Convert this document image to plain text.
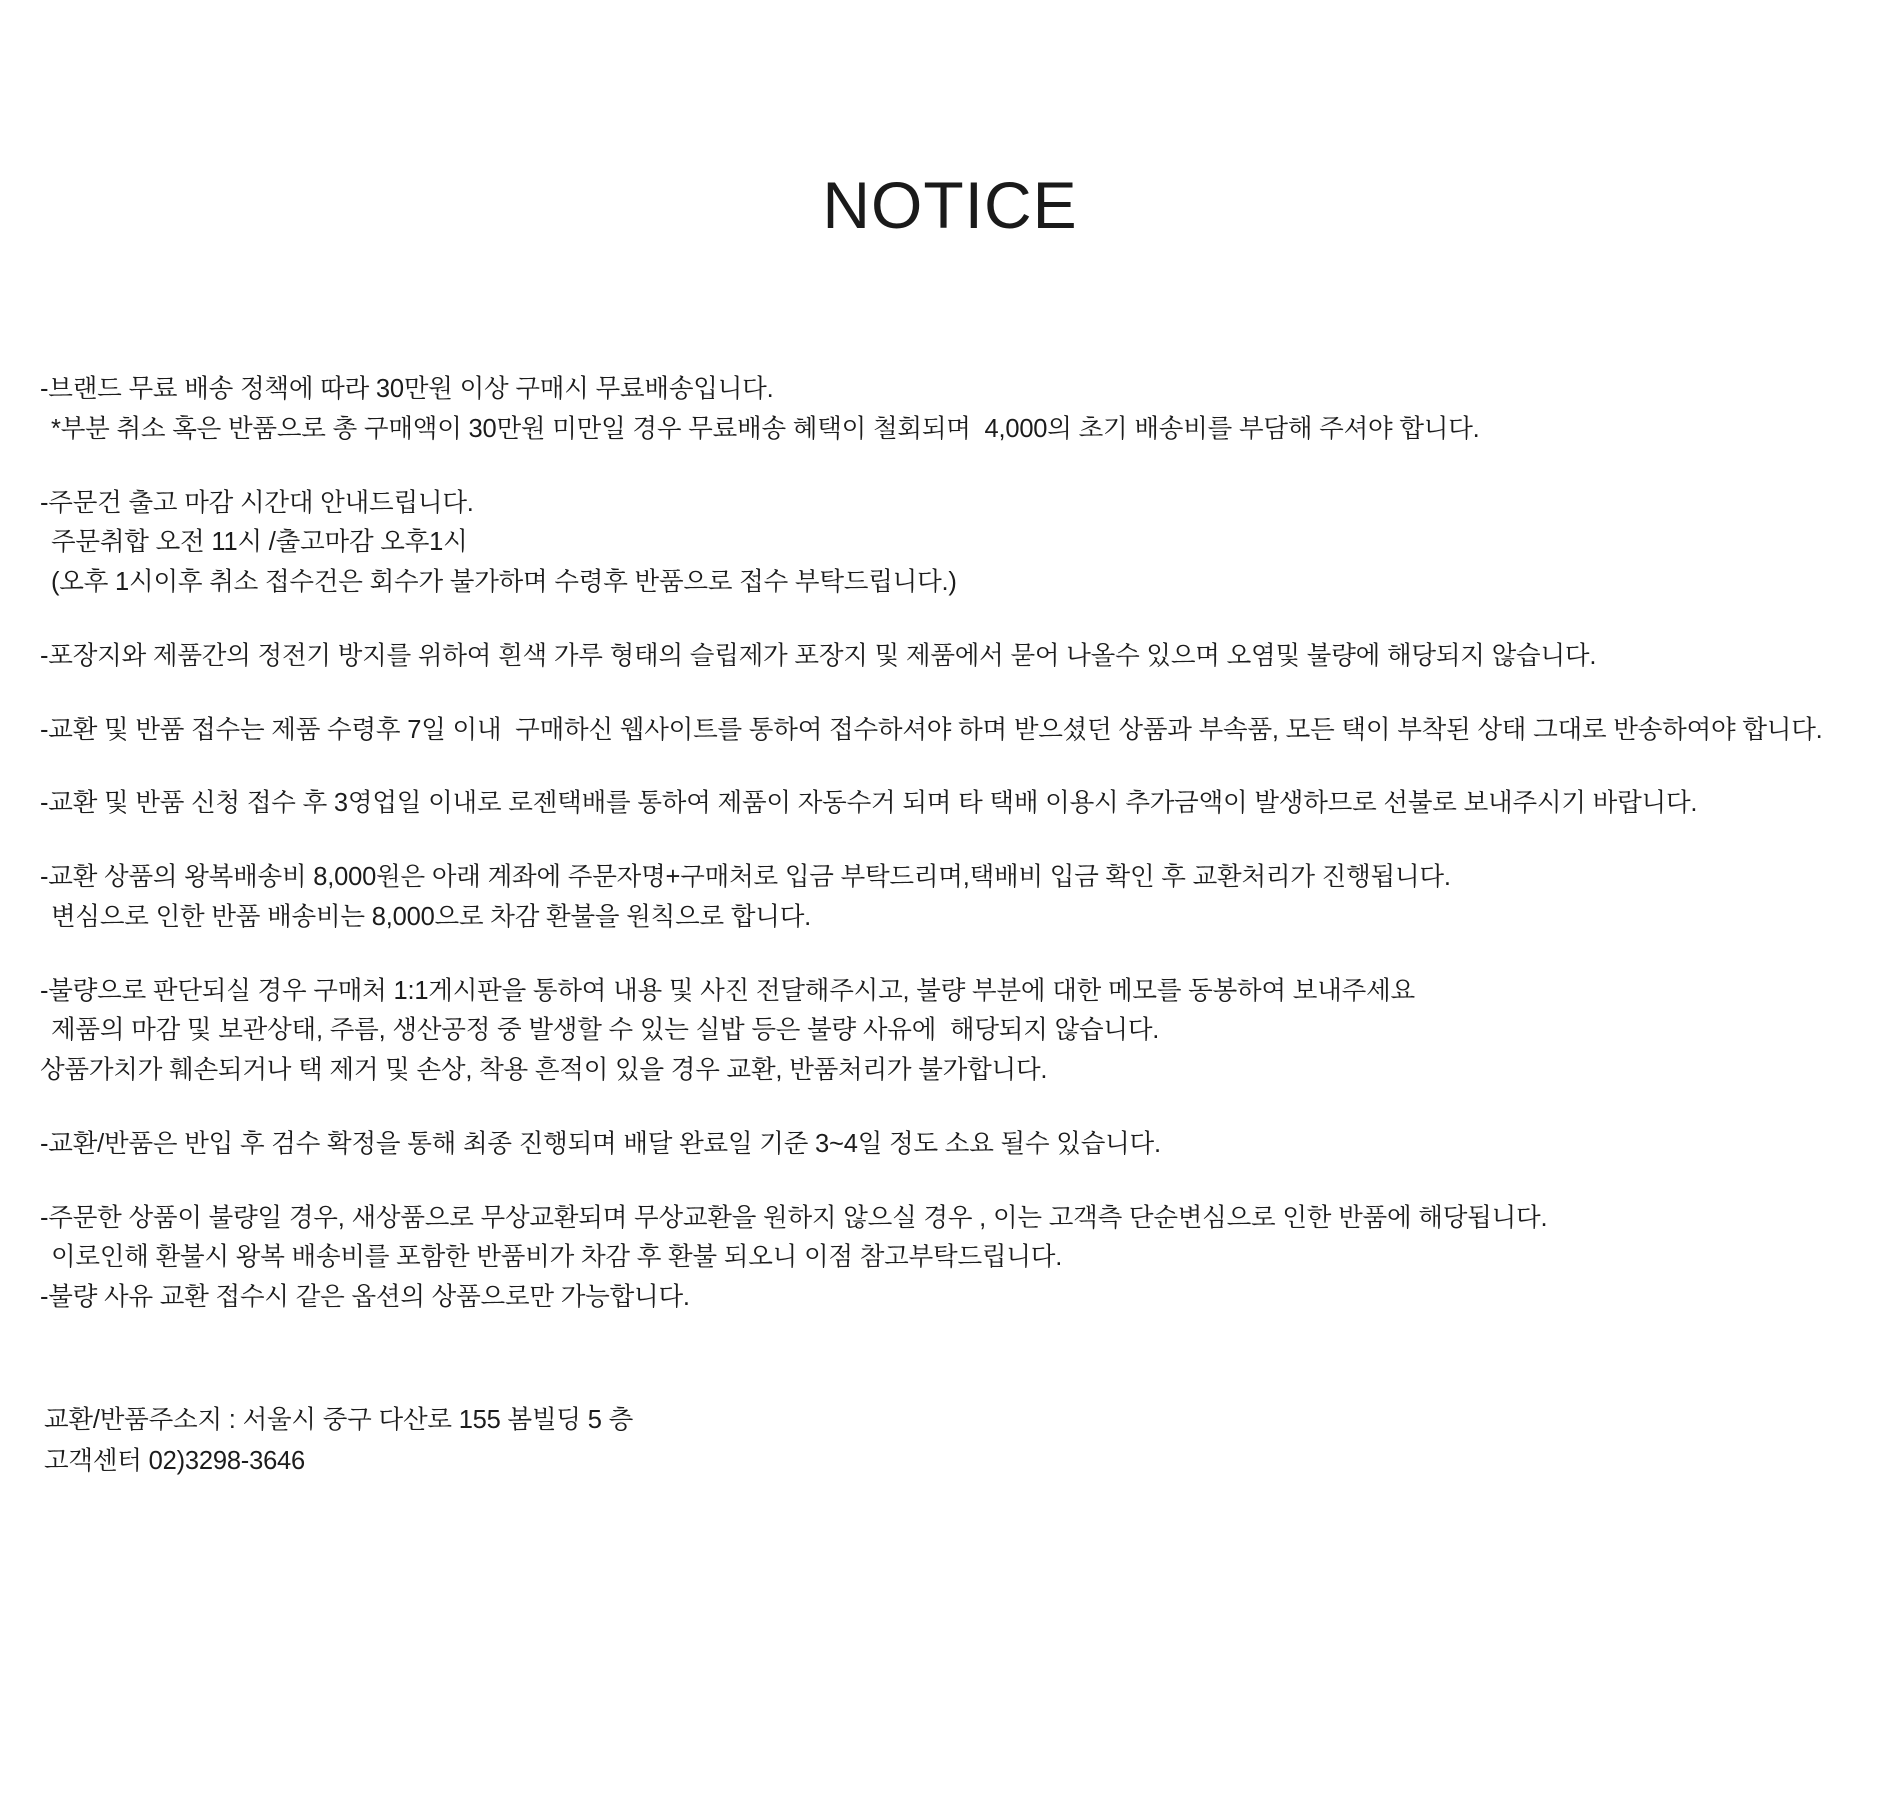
NOTICE
-브랜드 무료 배송 정책에 따라 30만원 이상 구매시 무료배송입니다.
*부분 취소 혹은 반품으로 총 구매액이 30만원 미만일 경우 무료배송 혜택이 철회되며  4,000의 초기 배송비를 부담해 주셔야 합니다.
-주문건 출고 마감 시간대 안내드립니다.
주문취합 오전 11시 /출고마감 오후1시
(오후 1시이후 취소 접수건은 회수가 불가하며 수령후 반품으로 접수 부탁드립니다.)
-포장지와 제품간의 정전기 방지를 위하여 흰색 가루 형태의 슬립제가 포장지 및 제품에서 묻어 나올수 있으며 오염및 불량에 해당되지 않습니다.
-교환 및 반품 접수는 제품 수령후 7일 이내  구매하신 웹사이트를 통하여 접수하셔야 하며 받으셨던 상품과 부속품, 모든 택이 부착된 상태 그대로 반송하여야 합니다.
-교환 및 반품 신청 접수 후 3영업일 이내로 로젠택배를 통하여 제품이 자동수거 되며 타 택배 이용시 추가금액이 발생하므로 선불로 보내주시기 바랍니다.
-교환 상품의 왕복배송비 8,000원은 아래 계좌에 주문자명+구매처로 입금 부탁드리며,택배비 입금 확인 후 교환처리가 진행됩니다.
변심으로 인한 반품 배송비는 8,000으로 차감 환불을 원칙으로 합니다.
-불량으로 판단되실 경우 구매처 1:1게시판을 통하여 내용 및 사진 전달해주시고, 불량 부분에 대한 메모를 동봉하여 보내주세요
제품의 마감 및 보관상태, 주름, 생산공정 중 발생할 수 있는 실밥 등은 불량 사유에  해당되지 않습니다.
상품가치가 훼손되거나 택 제거 및 손상, 착용 흔적이 있을 경우 교환, 반품처리가 불가합니다.
-교환/반품은 반입 후 검수 확정을 통해 최종 진행되며 배달 완료일 기준 3~4일 정도 소요 될수 있습니다.
-주문한 상품이 불량일 경우, 새상품으로 무상교환되며 무상교환을 원하지 않으실 경우 , 이는 고객측 단순변심으로 인한 반품에 해당됩니다.
이로인해 환불시 왕복 배송비를 포함한 반품비가 차감 후 환불 되오니 이점 참고부탁드립니다.
-불량 사유 교환 접수시 같은 옵션의 상품으로만 가능합니다.
교환/반품주소지 : 서울시 중구 다산로 155 봄빌딩 5 층
고객센터 02)3298-3646
